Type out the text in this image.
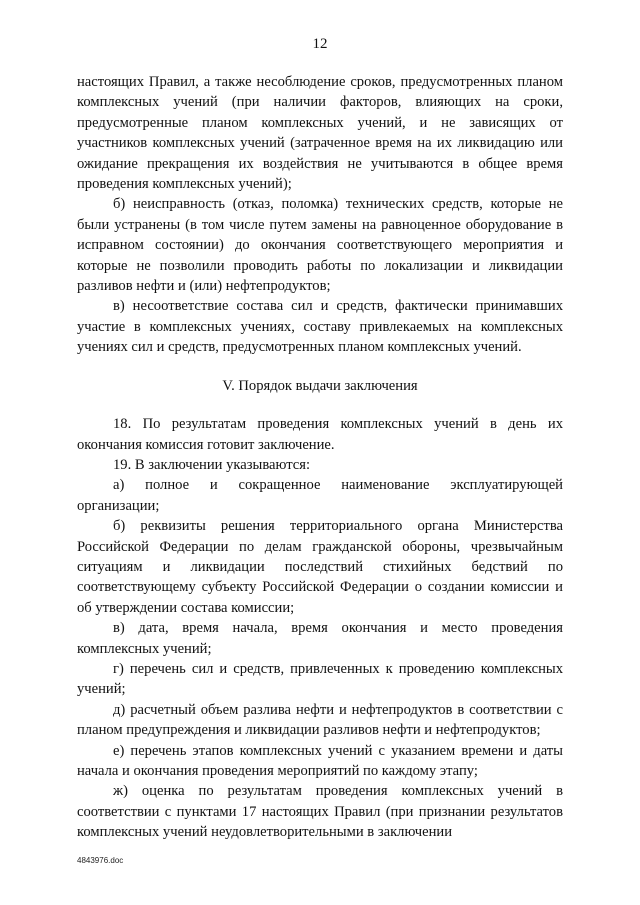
12

настоящих Правил, а также несоблюдение сроков, предусмотренных планом комплексных учений (при наличии факторов, влияющих на сроки, предусмотренные планом комплексных учений, и не зависящих от участников комплексных учений (затраченное время на их ликвидацию или ожидание прекращения их воздействия не учитываются в общее время проведения комплексных учений);

б) неисправность (отказ, поломка) технических средств, которые не были устранены (в том числе путем замены на равноценное оборудование в исправном состоянии) до окончания соответствующего мероприятия и которые не позволили проводить работы по локализации и ликвидации разливов нефти и (или) нефтепродуктов;

в) несоответствие состава сил и средств, фактически принимавших участие в комплексных учениях, составу привлекаемых на комплексных учениях сил и средств, предусмотренных планом комплексных учений.

V. Порядок выдачи заключения

18. По результатам проведения комплексных учений в день их окончания комиссия готовит заключение.

19. В заключении указываются:

а) полное и сокращенное наименование эксплуатирующей организации;

б) реквизиты решения территориального органа Министерства Российской Федерации по делам гражданской обороны, чрезвычайным ситуациям и ликвидации последствий стихийных бедствий по соответствующему субъекту Российской Федерации о создании комиссии и об утверждении состава комиссии;

в) дата, время начала, время окончания и место проведения комплексных учений;

г) перечень сил и средств, привлеченных к проведению комплексных учений;

д) расчетный объем разлива нефти и нефтепродуктов в соответствии с планом предупреждения и ликвидации разливов нефти и нефтепродуктов;

е) перечень этапов комплексных учений с указанием времени и даты начала и окончания проведения мероприятий по каждому этапу;

ж) оценка по результатам проведения комплексных учений в соответствии с пунктами 17 настоящих Правил (при признании результатов комплексных учений неудовлетворительными в заключении

4843976.doc
